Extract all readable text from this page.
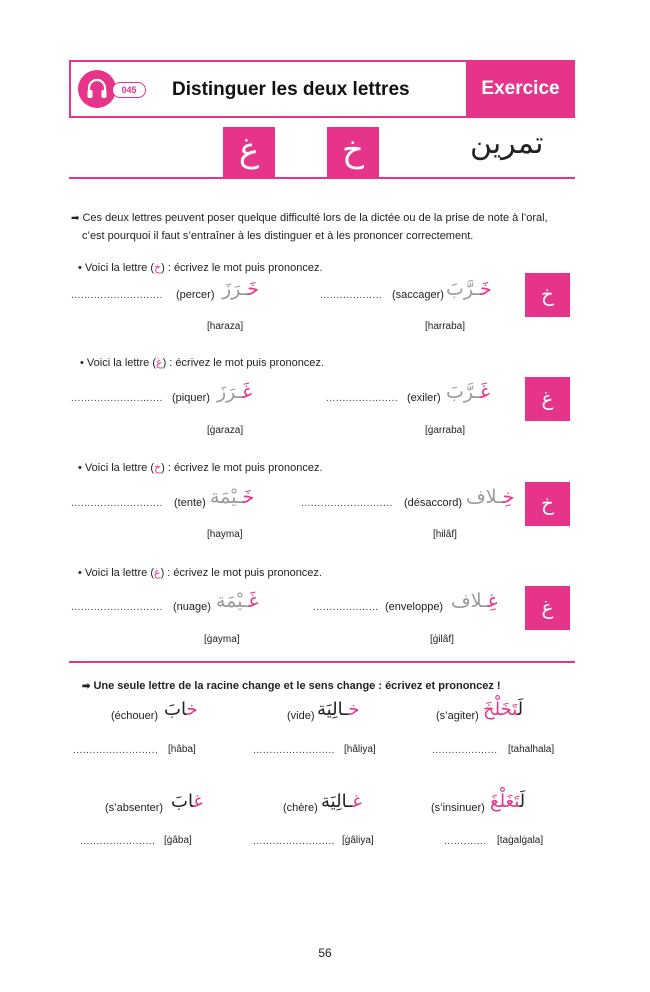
045	Distinguer les deux lettres	Exercice
غ	خ	تمرين
➡ Ces deux lettres peuvent poser quelque difficulté lors de la dictée ou de la prise de note à l’oral,
c’est pourquoi il faut s’entraîner à les distinguer et à les prononcer correctement.
• Voici la lettre (خ) : écrivez le mot puis prononcez.
خ
............................ (percer)	خَـرَزَ	................... (saccager)	خَـرَّبَ
[haraza]	[harraba]
• Voici la lettre (غ) : écrivez le mot puis prononcez.
غ
............................ (piquer)	غَـرَزَ	...................... (exiler)	غَـرَّبَ
[ġaraza]	[ġarraba]
• Voici la lettre (خ) : écrivez le mot puis prononcez.
خ
............................ (tente)	خَـيْمَة	............................ (désaccord)	خِـلاف
[hayma]	[hilâf]
• Voici la lettre (غ) : écrivez le mot puis prononcez.
غ
............................ (nuage)	غَـيْمَة	.................... (enveloppe)	غِـلاف
[ġayma]	[ġilâf]
➡ Une seule lettre de la racine change et le sens change : écrivez et prononcez !
(échouer)	خابَ	(vide)	خـالِيَة	(s’agiter)	لَتَخَلْخَ
.......................... [hâba]	......................... [hâliya]	.................... [tahalhala]
(s’absenter)	غابَ	(chère)	غـالِيَة	(s’insinuer)	لَتَغَلْغَ
....................... [ġâba]	......................... [ġâliya]	............. [taġalġala]
56
